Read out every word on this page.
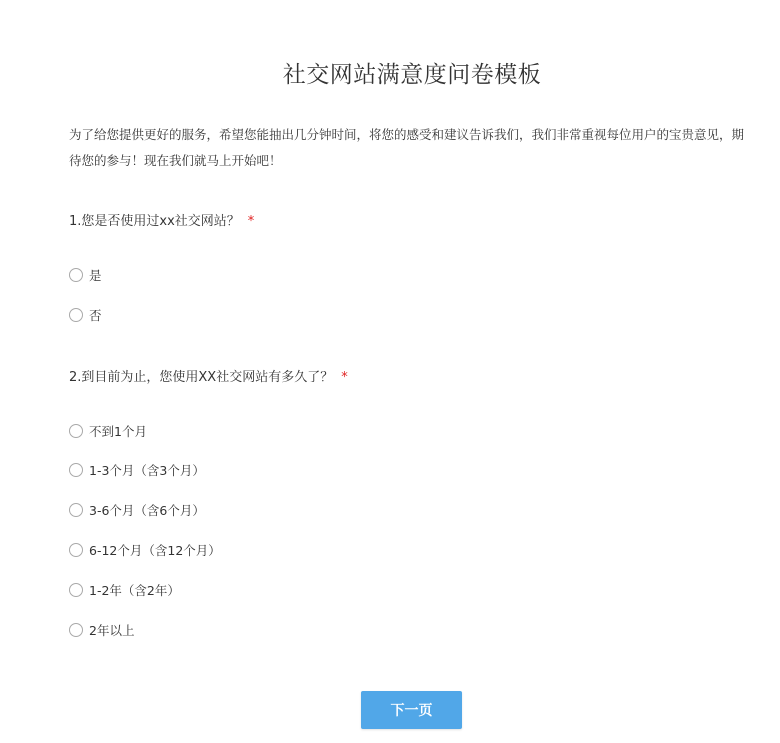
社交网站满意度问卷模板
为了给您提供更好的服务，希望您能抽出几分钟时间，将您的感受和建议告诉我们，我们非常重视每位用户的宝贵意见，期待您的参与！现在我们就马上开始吧！
1.您是否使用过xx社交网站？ *
是
否
2.到目前为止，您使用XX社交网站有多久了？ *
不到1个月
1-3个月（含3个月）
3-6个月（含6个月）
6-12个月（含12个月）
1-2年（含2年）
2年以上
下一页
